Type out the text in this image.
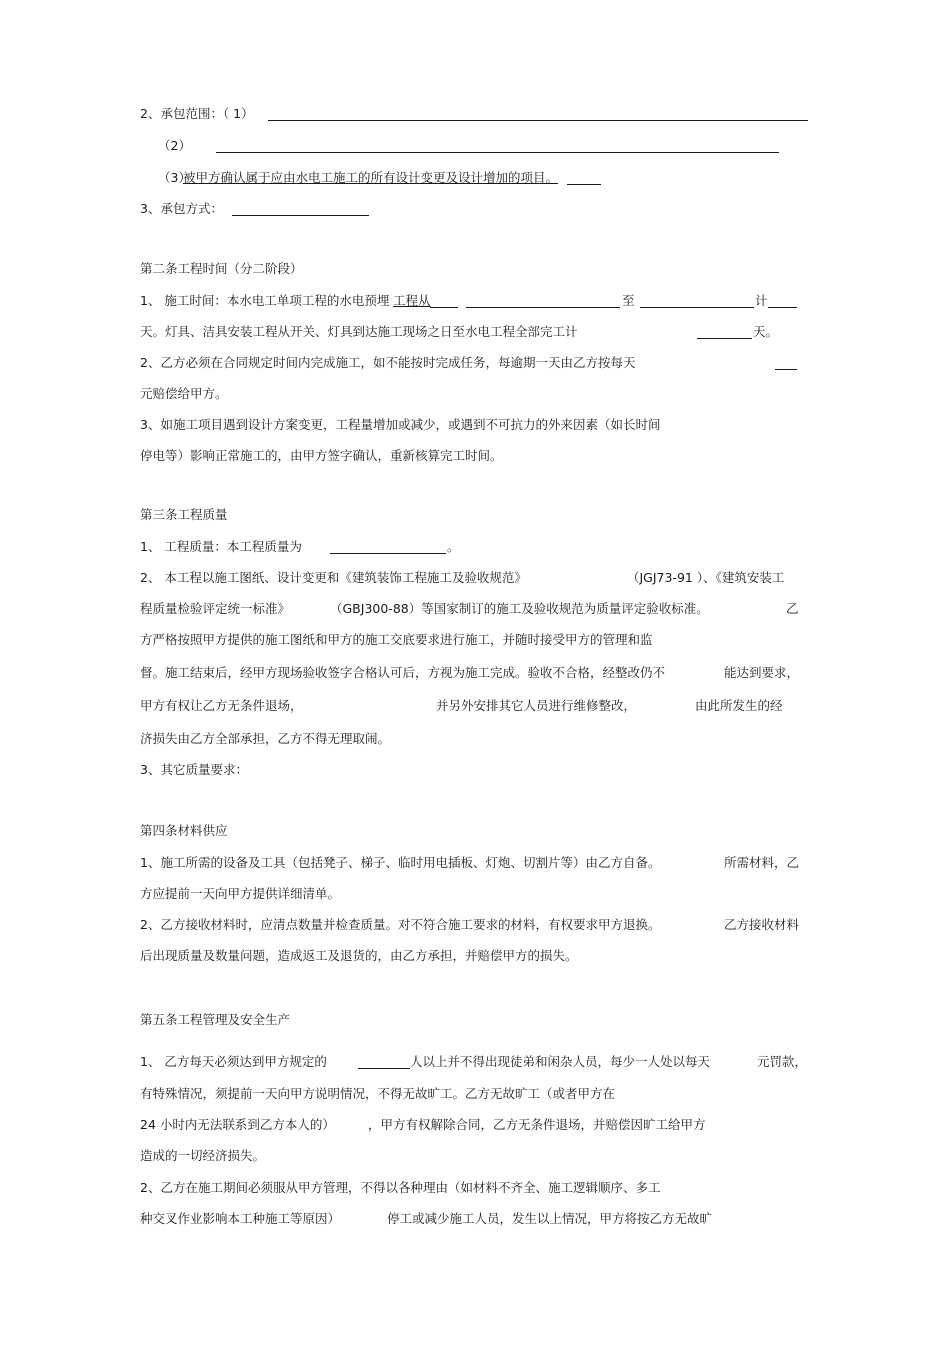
2、承包范围：（ 1）
（2）
（3）
被甲方确认属于应由水电工施工的所有设计变更及设计增加的项目。
3、承包方式：
第二条工程时间（分二阶段）
1、 施工时间：本水电工单项工程的水电预埋 工程从	至	计
天。灯具、洁具安装工程从开关、灯具到达施工现场之日至水电工程全部完工计	天。
2、乙方必须在合同规定时间内完成施工，如不能按时完成任务，每逾期一天由乙方按每天
元赔偿给甲方。
3、如施工项目遇到设计方案变更，工程量增加或减少，或遇到不可抗力的外来因素（如长时间
停电等）影响正常施工的，由甲方签字确认，重新核算完工时间。
第三条工程质量
1、 工程质量：本工程质量为	。
2、 本工程以施工图纸、设计变更和《建筑装饰工程施工及验收规范》	（JGJ73-91 ）、《建筑安装工
程质量检验评定统一标准》	（GBJ300-88）等国家制订的施工及验收规范为质量评定验收标准。	乙
方严格按照甲方提供的施工图纸和甲方的施工交底要求进行施工，并随时接受甲方的管理和监
督。施工结束后，经甲方现场验收签字合格认可后，方视为施工完成。验收不合格，经整改仍不	能达到要求，
甲方有权让乙方无条件退场，	并另外安排其它人员进行维修整改，	由此所发生的经
济损失由乙方全部承担，乙方不得无理取闹。
3、其它质量要求：
第四条材料供应
1、施工所需的设备及工具（包括凳子、梯子、临时用电插板、灯炮、切割片等）由乙方自备。	所需材料，乙
方应提前一天向甲方提供详细清单。
2、乙方接收材料时，应清点数量并检查质量。对不符合施工要求的材料，有权要求甲方退换。	乙方接收材料
后出现质量及数量问题，造成返工及退货的，由乙方承担，并赔偿甲方的损失。
第五条工程管理及安全生产
1、 乙方每天必须达到甲方规定的	人以上并不得出现徒弟和闲杂人员，每少一人处以每天	元罚款，
有特殊情况，须提前一天向甲方说明情况，不得无故旷工。乙方无故旷工（或者甲方在
24 小时内无法联系到乙方本人的）	，甲方有权解除合同，乙方无条件退场，并赔偿因旷工给甲方
造成的一切经济损失。
2、乙方在施工期间必须服从甲方管理，不得以各种理由（如材料不齐全、施工逻辑顺序、多工
种交叉作业影响本工种施工等原因）	停工或减少施工人员，发生以上情况，甲方将按乙方无故旷
